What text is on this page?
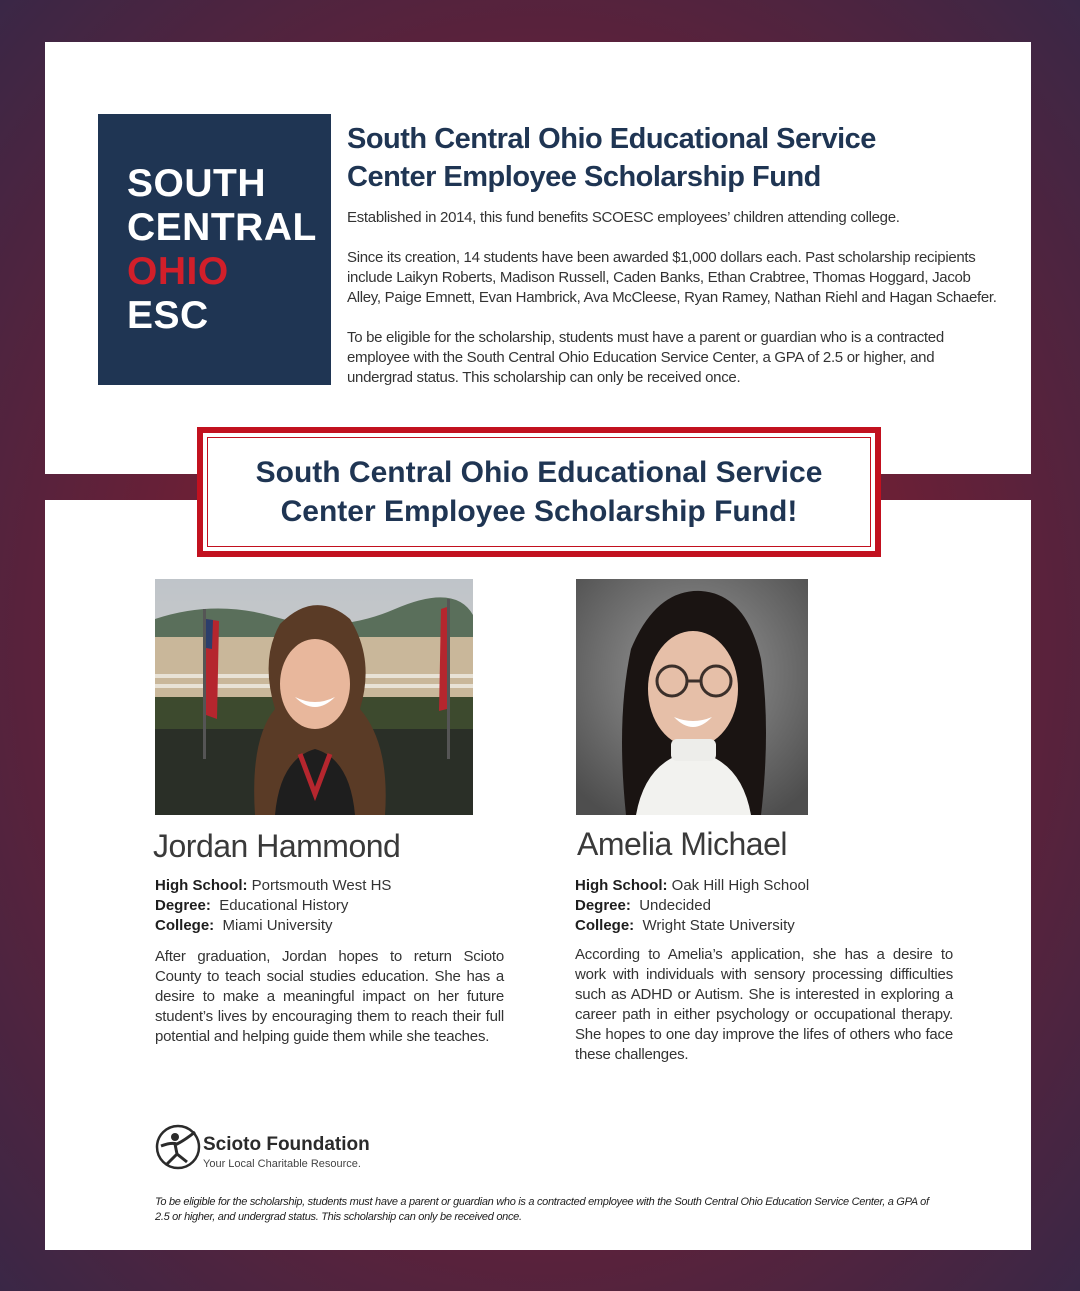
SOUTH
CENTRAL
OHIO
ESC
South Central Ohio Educational Service
Center Employee Scholarship Fund

Established in 2014, this fund benefits SCOESC employees’ children attending college.

Since its creation, 14 students have been awarded $1,000 dollars each. Past scholarship recipients include Laikyn Roberts, Madison Russell, Caden Banks, Ethan Crabtree, Thomas Hoggard, Jacob Alley, Paige Emnett, Evan Hambrick, Ava McCleese, Ryan Ramey, Nathan Riehl and Hagan Schaefer.

To be eligible for the scholarship, students must have a parent or guardian who is a contracted employee with the South Central Ohio Education Service Center, a GPA of 2.5 or higher, and undergrad status. This scholarship can only be received once.

South Central Ohio Educational Service
Center Employee Scholarship Fund!
Jordan Hammond	Amelia Michael
High School: Portsmouth West HS
Degree: Educational History
College: Miami University
High School: Oak Hill High School
Degree: Undecided
College: Wright State University

After graduation, Jordan hopes to return Scioto County to teach social studies education. She has a desire to make a meaningful impact on her future student’s lives by encouraging them to reach their full potential and helping guide them while she teaches.

According to Amelia’s application, she has a desire to work with individuals with sensory processing difficulties such as ADHD or Autism. She is interested in exploring a career path in either psychology or occupational therapy. She hopes to one day improve the lifes of others who face these challenges.

Scioto Foundation
Your Local Charitable Resource.

To be eligible for the scholarship, students must have a parent or guardian who is a contracted employee with the South Central Ohio Education Service Center, a GPA of 2.5 or higher, and undergrad status. This scholarship can only be received once.
